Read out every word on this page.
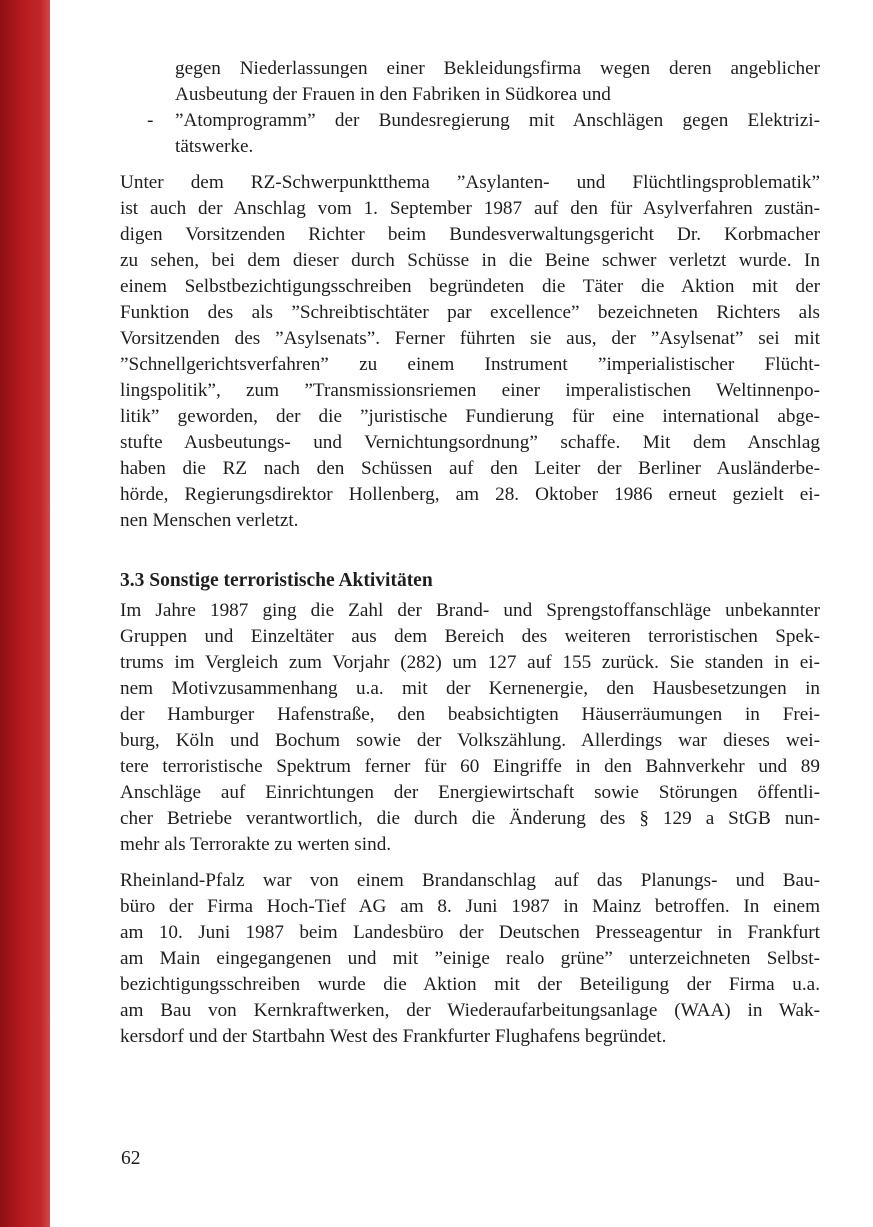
gegen Niederlassungen einer Bekleidungsfirma wegen deren angeblicher
Ausbeutung der Frauen in den Fabriken in Südkorea und
-	”Atomprogramm” der Bundesregierung mit Anschlägen gegen Elektrizi-
tätswerke.
Unter dem RZ-Schwerpunktthema ”Asylanten- und Flüchtlingsproblematik”
ist auch der Anschlag vom 1. September 1987 auf den für Asylverfahren zustän-
digen Vorsitzenden Richter beim Bundesverwaltungsgericht Dr. Korbmacher
zu sehen, bei dem dieser durch Schüsse in die Beine schwer verletzt wurde. In
einem Selbstbezichtigungsschreiben begründeten die Täter die Aktion mit der
Funktion des als ”Schreibtischtäter par excellence” bezeichneten Richters als
Vorsitzenden des ”Asylsenats”. Ferner führten sie aus, der ”Asylsenat” sei mit
”Schnellgerichtsverfahren” zu einem Instrument ”imperialistischer Flücht-
lingspolitik”, zum ”Transmissionsriemen einer imperalistischen Weltinnenpo-
litik” geworden, der die ”juristische Fundierung für eine international abge-
stufte Ausbeutungs- und Vernichtungsordnung” schaffe. Mit dem Anschlag
haben die RZ nach den Schüssen auf den Leiter der Berliner Ausländerbe-
hörde, Regierungsdirektor Hollenberg, am 28. Oktober 1986 erneut gezielt ei-
nen Menschen verletzt.
3.3 Sonstige terroristische Aktivitäten
Im Jahre 1987 ging die Zahl der Brand- und Sprengstoffanschläge unbekannter
Gruppen und Einzeltäter aus dem Bereich des weiteren terroristischen Spek-
trums im Vergleich zum Vorjahr (282) um 127 auf 155 zurück. Sie standen in ei-
nem Motivzusammenhang u.a. mit der Kernenergie, den Hausbesetzungen in
der Hamburger Hafenstraße, den beabsichtigten Häuserräumungen in Frei-
burg, Köln und Bochum sowie der Volkszählung. Allerdings war dieses wei-
tere terroristische Spektrum ferner für 60 Eingriffe in den Bahnverkehr und 89
Anschläge auf Einrichtungen der Energiewirtschaft sowie Störungen öffentli-
cher Betriebe verantwortlich, die durch die Änderung des § 129 a StGB nun-
mehr als Terrorakte zu werten sind.
Rheinland-Pfalz war von einem Brandanschlag auf das Planungs- und Bau-
büro der Firma Hoch-Tief AG am 8. Juni 1987 in Mainz betroffen. In einem
am 10. Juni 1987 beim Landesbüro der Deutschen Presseagentur in Frankfurt
am Main eingegangenen und mit ”einige realo grüne” unterzeichneten Selbst-
bezichtigungsschreiben wurde die Aktion mit der Beteiligung der Firma u.a.
am Bau von Kernkraftwerken, der Wiederaufarbeitungsanlage (WAA) in Wak-
kersdorf und der Startbahn West des Frankfurter Flughafens begründet.
62
